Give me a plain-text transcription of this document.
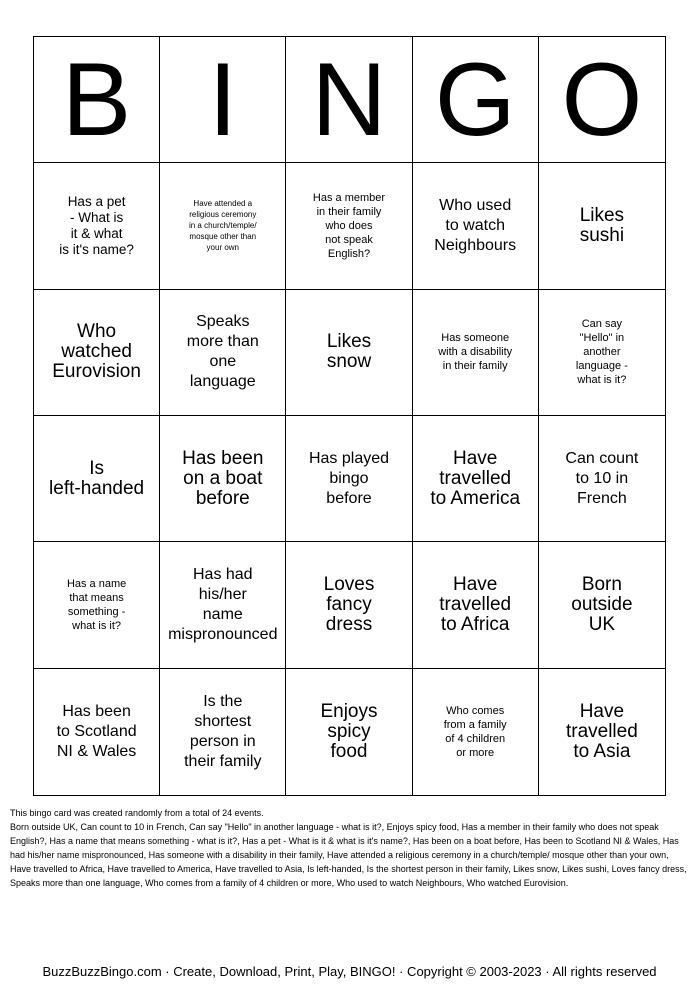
B I N G O
Has a pet
- What is
it & what
is it's name?
Have attended a
religious ceremony
in a church/temple/
mosque other than
your own
Has a member
in their family
who does
not speak
English?
Who used
to watch
Neighbours
Likes
sushi
Who
watched
Eurovision
Speaks
more than
one
language
Likes
snow
Has someone
with a disability
in their family
Can say
"Hello" in
another
language -
what is it?
Is
left-handed
Has been
on a boat
before
Has played
bingo
before
Have
travelled
to America
Can count
to 10 in
French
Has a name
that means
something -
what is it?
Has had
his/her
name
mispronounced
Loves
fancy
dress
Have
travelled
to Africa
Born
outside
UK
Has been
to Scotland
NI & Wales
Is the
shortest
person in
their family
Enjoys
spicy
food
Who comes
from a family
of 4 children
or more
Have
travelled
to Asia

This bingo card was created randomly from a total of 24 events.
Born outside UK, Can count to 10 in French, Can say "Hello" in another language - what is it?, Enjoys spicy food, Has a member in their family who does not speak English?, Has a name that means something - what is it?, Has a pet - What is it & what is it's name?, Has been on a boat before, Has been to Scotland NI & Wales, Has had his/her name mispronounced, Has someone with a disability in their family, Have attended a religious ceremony in a church/temple/ mosque other than your own, Have travelled to Africa, Have travelled to America, Have travelled to Asia, Is left-handed, Is the shortest person in their family, Likes snow, Likes sushi, Loves fancy dress, Speaks more than one language, Who comes from a family of 4 children or more, Who used to watch Neighbours, Who watched Eurovision.

BuzzBuzzBingo.com · Create, Download, Print, Play, BINGO! · Copyright © 2003-2023 · All rights reserved
